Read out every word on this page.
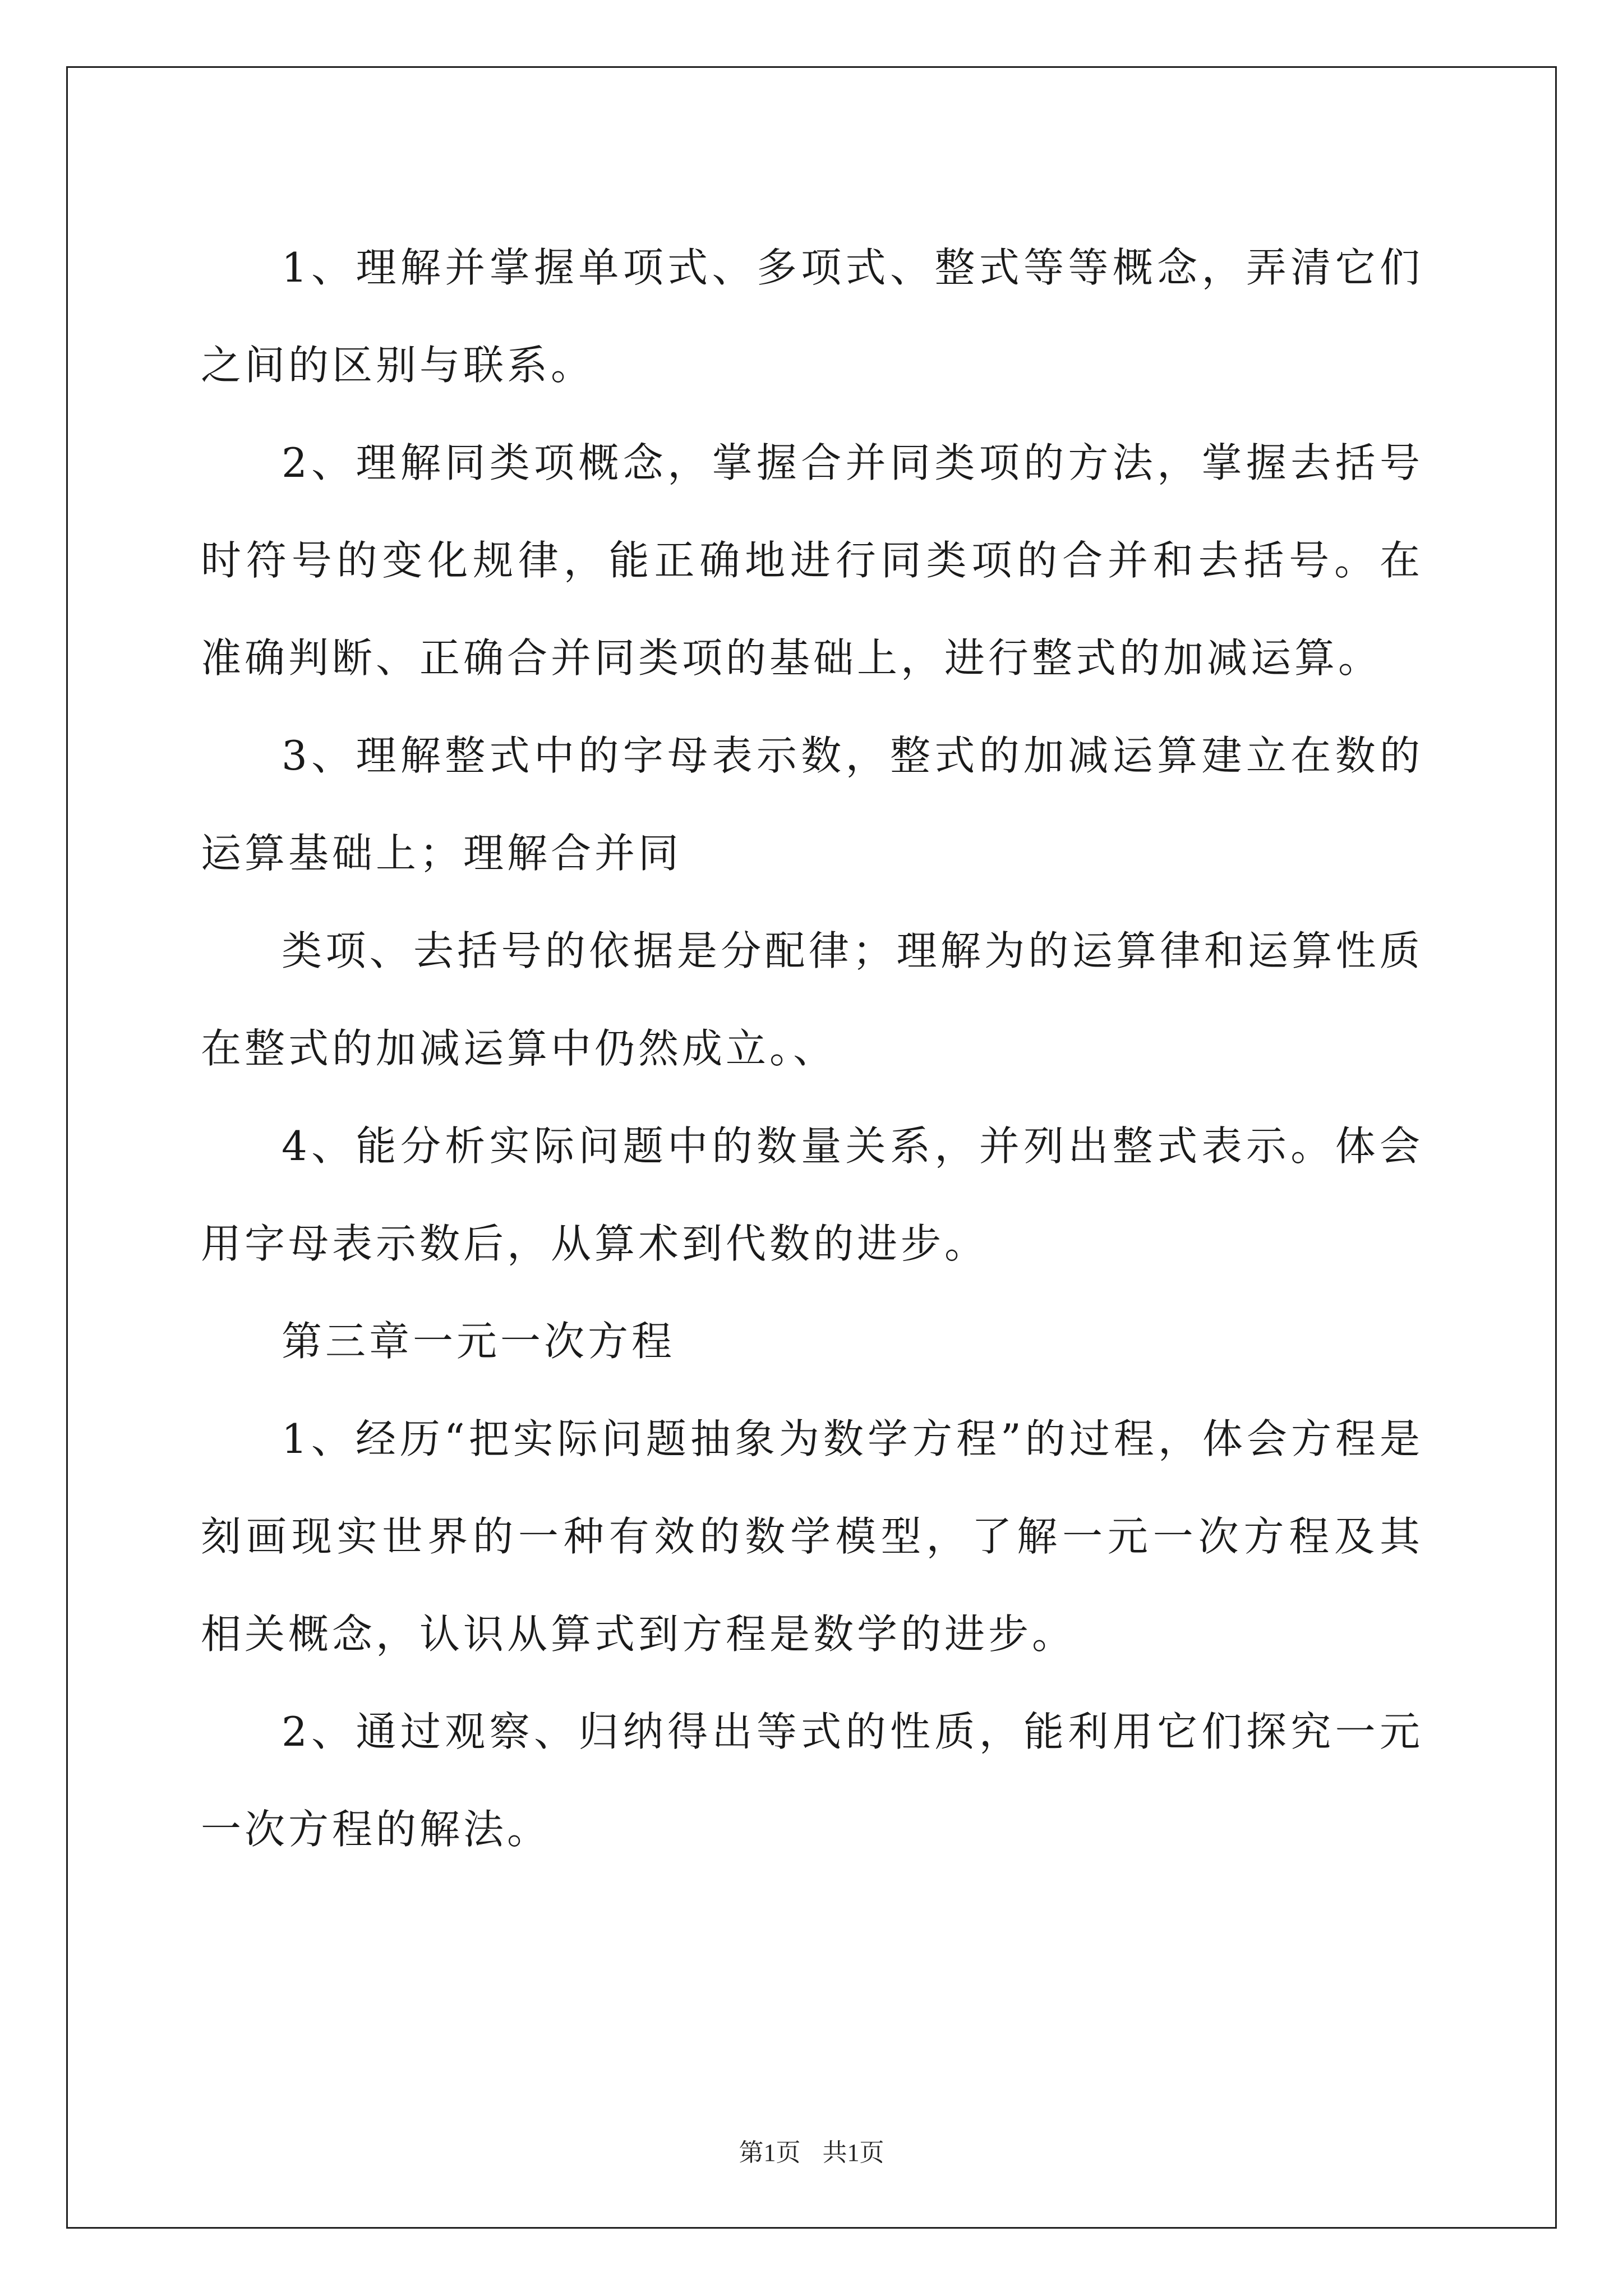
1、理解并掌握单项式、多项式、整式等等概念，弄清它们之间的区别与联系。

2、理解同类项概念，掌握合并同类项的方法，掌握去括号时符号的变化规律，能正确地进行同类项的合并和去括号。在准确判断、正确合并同类项的基础上，进行整式的加减运算。

3、理解整式中的字母表示数，整式的加减运算建立在数的运算基础上；理解合并同

类项、去括号的依据是分配律；理解为的运算律和运算性质在整式的加减运算中仍然成立。、

4、能分析实际问题中的数量关系，并列出整式表示。体会用字母表示数后，从算术到代数的进步。

第三章一元一次方程

1、经历“把实际问题抽象为数学方程”的过程，体会方程是刻画现实世界的一种有效的数学模型，了解一元一次方程及其相关概念，认识从算式到方程是数学的进步。

2、通过观察、归纳得出等式的性质，能利用它们探究一元一次方程的解法。

第1页 共1页
